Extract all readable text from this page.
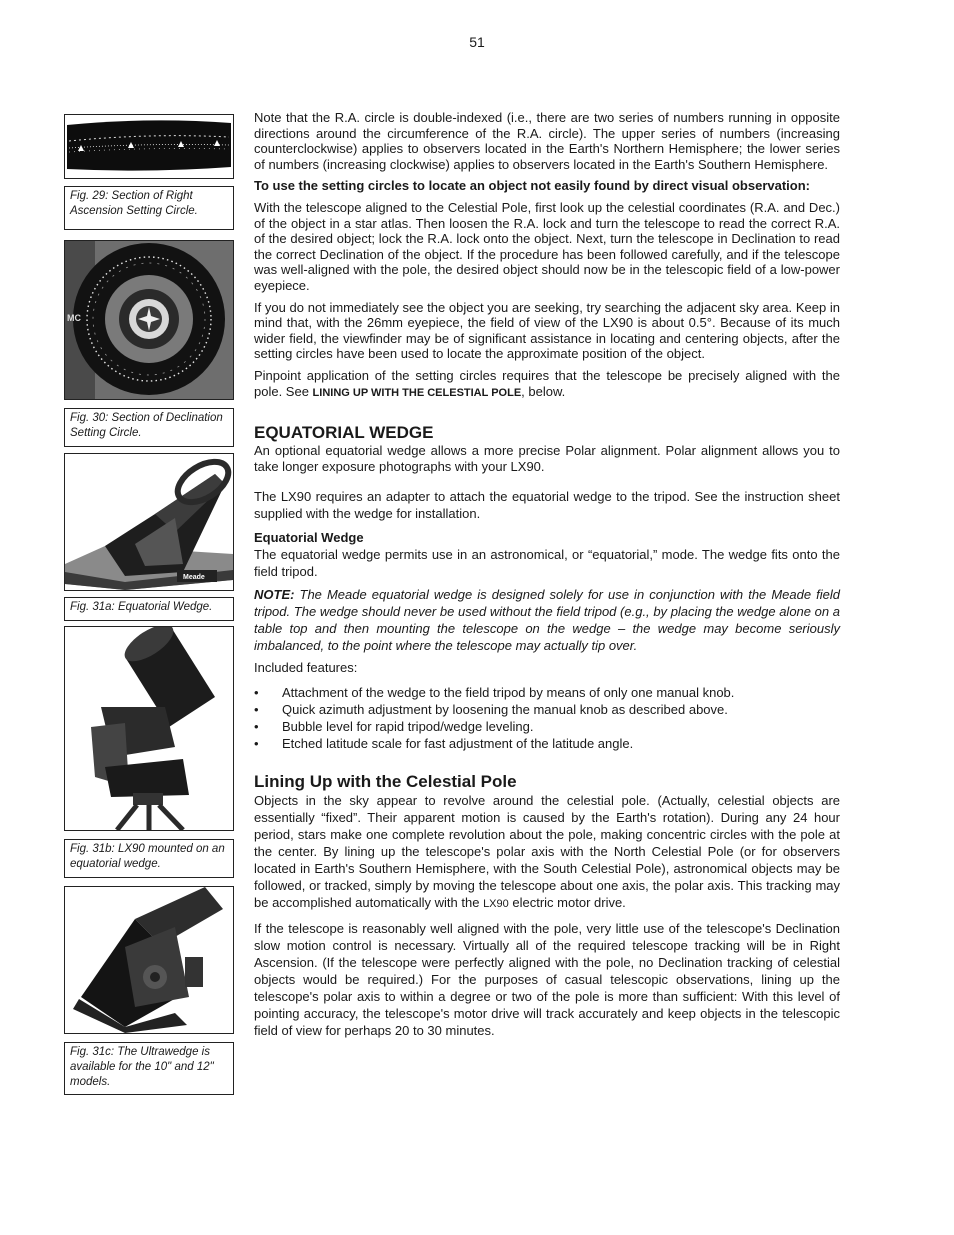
51
Fig. 29: Section of Right Ascension Setting Circle.
MC
Fig. 30: Section of Declination Setting Circle.
Meade
Fig. 31a: Equatorial Wedge.
Fig. 31b: LX90 mounted on an equatorial wedge.
Fig. 31c: The Ultrawedge is available for the 10" and 12" models.

Note that the R.A. circle is double-indexed (i.e., there are two series of numbers running in opposite directions around the circumference of the R.A. circle). The upper series of numbers (increasing counterclockwise) applies to observers located in the Earth's Northern Hemisphere; the lower series of numbers (increasing clockwise) applies to observers located in the Earth's Southern Hemisphere.

To use the setting circles to locate an object not easily found by direct visual observation:

With the telescope aligned to the Celestial Pole, first look up the celestial coordinates (R.A. and Dec.) of the object in a star atlas. Then loosen the R.A. lock and turn the telescope to read the correct R.A. of the desired object; lock the R.A. lock onto the object. Next, turn the telescope in Declination to read the correct Declination of the object. If the procedure has been followed carefully, and if the telescope was well-aligned with the pole, the desired object should now be in the telescopic field of a low-power eyepiece.

If you do not immediately see the object you are seeking, try searching the adjacent sky area. Keep in mind that, with the 26mm eyepiece, the field of view of the LX90 is about 0.5°. Because of its much wider field, the viewfinder may be of significant assistance in locating and centering objects, after the setting circles have been used to locate the approximate position of the object.

Pinpoint application of the setting circles requires that the telescope be precisely aligned with the pole. See LINING UP WITH THE CELESTIAL POLE, below.

EQUATORIAL WEDGE

An optional equatorial wedge allows a more precise Polar alignment. Polar alignment allows you to take longer exposure photographs with your LX90.

The LX90 requires an adapter to attach the equatorial wedge to the tripod. See the instruction sheet supplied with the wedge for installation.

Equatorial Wedge

The equatorial wedge permits use in an astronomical, or “equatorial,” mode. The wedge fits onto the field tripod.

NOTE: The Meade equatorial wedge is designed solely for use in conjunction with the Meade field tripod. The wedge should never be used without the field tripod (e.g., by placing the wedge alone on a table top and then mounting the telescope on the wedge – the wedge may become seriously imbalanced, to the point where the telescope may actually tip over.

Included features:

• Attachment of the wedge to the field tripod by means of only one manual knob.
• Quick azimuth adjustment by loosening the manual knob as described above.
• Bubble level for rapid tripod/wedge leveling.
• Etched latitude scale for fast adjustment of the latitude angle.
Lining Up with the Celestial Pole

Objects in the sky appear to revolve around the celestial pole. (Actually, celestial objects are essentially “fixed”. Their apparent motion is caused by the Earth's rotation). During any 24 hour period, stars make one complete revolution about the pole, making concentric circles with the pole at the center. By lining up the telescope's polar axis with the North Celestial Pole (or for observers located in Earth's Southern Hemisphere, with the South Celestial Pole), astronomical objects may be followed, or tracked, simply by moving the telescope about one axis, the polar axis. This tracking may be accomplished automatically with the LX90 electric motor drive.

If the telescope is reasonably well aligned with the pole, very little use of the telescope's Declination slow motion control is necessary. Virtually all of the required telescope tracking will be in Right Ascension. (If the telescope were perfectly aligned with the pole, no Declination tracking of celestial objects would be required.) For the purposes of casual telescopic observations, lining up the telescope's polar axis to within a degree or two of the pole is more than sufficient: With this level of pointing accuracy, the telescope's motor drive will track accurately and keep objects in the telescopic field of view for perhaps 20 to 30 minutes.
